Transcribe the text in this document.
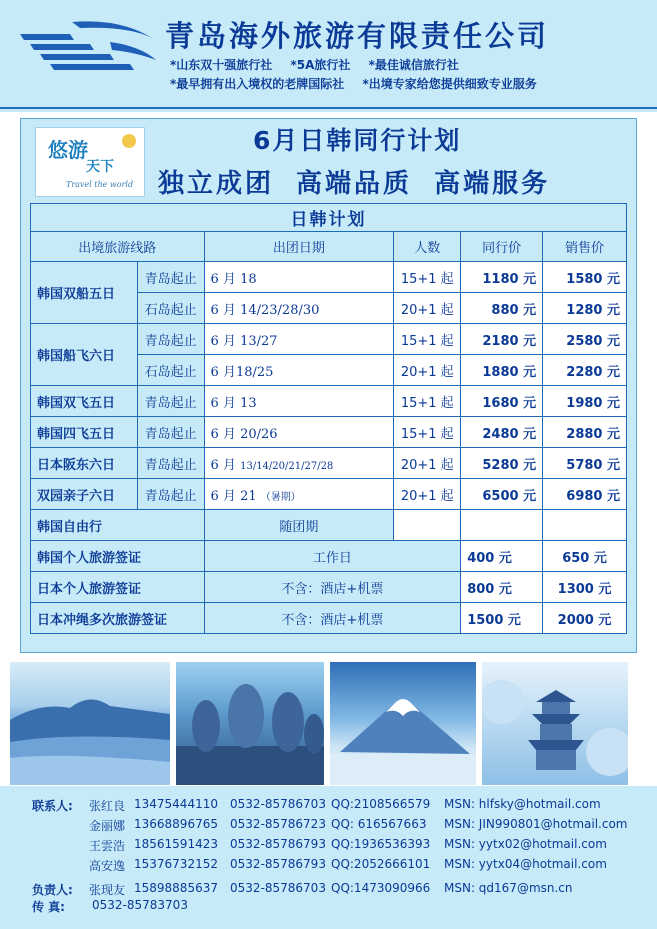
青岛海外旅游有限责任公司
*山东双十强旅行社 *5A旅行社 *最佳诚信旅行社
*最早拥有出入境权的老牌国际社 *出境专家给您提供细致专业服务
悠游
天下
Travel the world
6月日韩同行计划
独立成团 高端品质 高端服务
日韩计划					
出境旅游线路		出团日期	人数	同行价	销售价
韩国双船五日	青岛起止	6 月 18	15+1 起	1180 元	1580 元
	石岛起止	6 月 14/23/28/30	20+1 起	880 元	1280 元
韩国船飞六日	青岛起止	6 月 13/27	15+1 起	2180 元	2580 元
	石岛起止	6 月18/25	20+1 起	1880 元	2280 元
韩国双飞五日	青岛起止	6 月 13	15+1 起	1680 元	1980 元
韩国四飞五日	青岛起止	6 月 20/26	15+1 起	2480 元	2880 元
日本阪东六日	青岛起止	6 月 13/14/20/21/27/28	20+1 起	5280 元	5780 元
双园亲子六日	青岛起止	6 月 21 （暑期）	20+1 起	6500 元	6980 元
韩国自由行		随团期			
韩国个人旅游签证		工作日		400 元	650 元
日本个人旅游签证		不含：酒店+机票		800 元	1300 元
日本冲绳多次旅游签证		不含：酒店+机票		1500 元	2000 元
联系人: 张红良 13475444110 0532-85786703 QQ:2108566579 MSN: hlfsky@hotmail.com
金丽娜 13668896765 0532-85786723 QQ: 616567663 MSN: JIN990801@hotmail.com
王雲浩 18561591423 0532-85786793 QQ:1936536393 MSN: yytx02@hotmail.com
高安逸 15376732152 0532-85786793 QQ:2052666101 MSN: yytx04@hotmail.com
负责人: 张现友 15898885637 0532-85786703 QQ:1473090966 MSN: qd167@msn.cn
传 真: 0532-85783703
